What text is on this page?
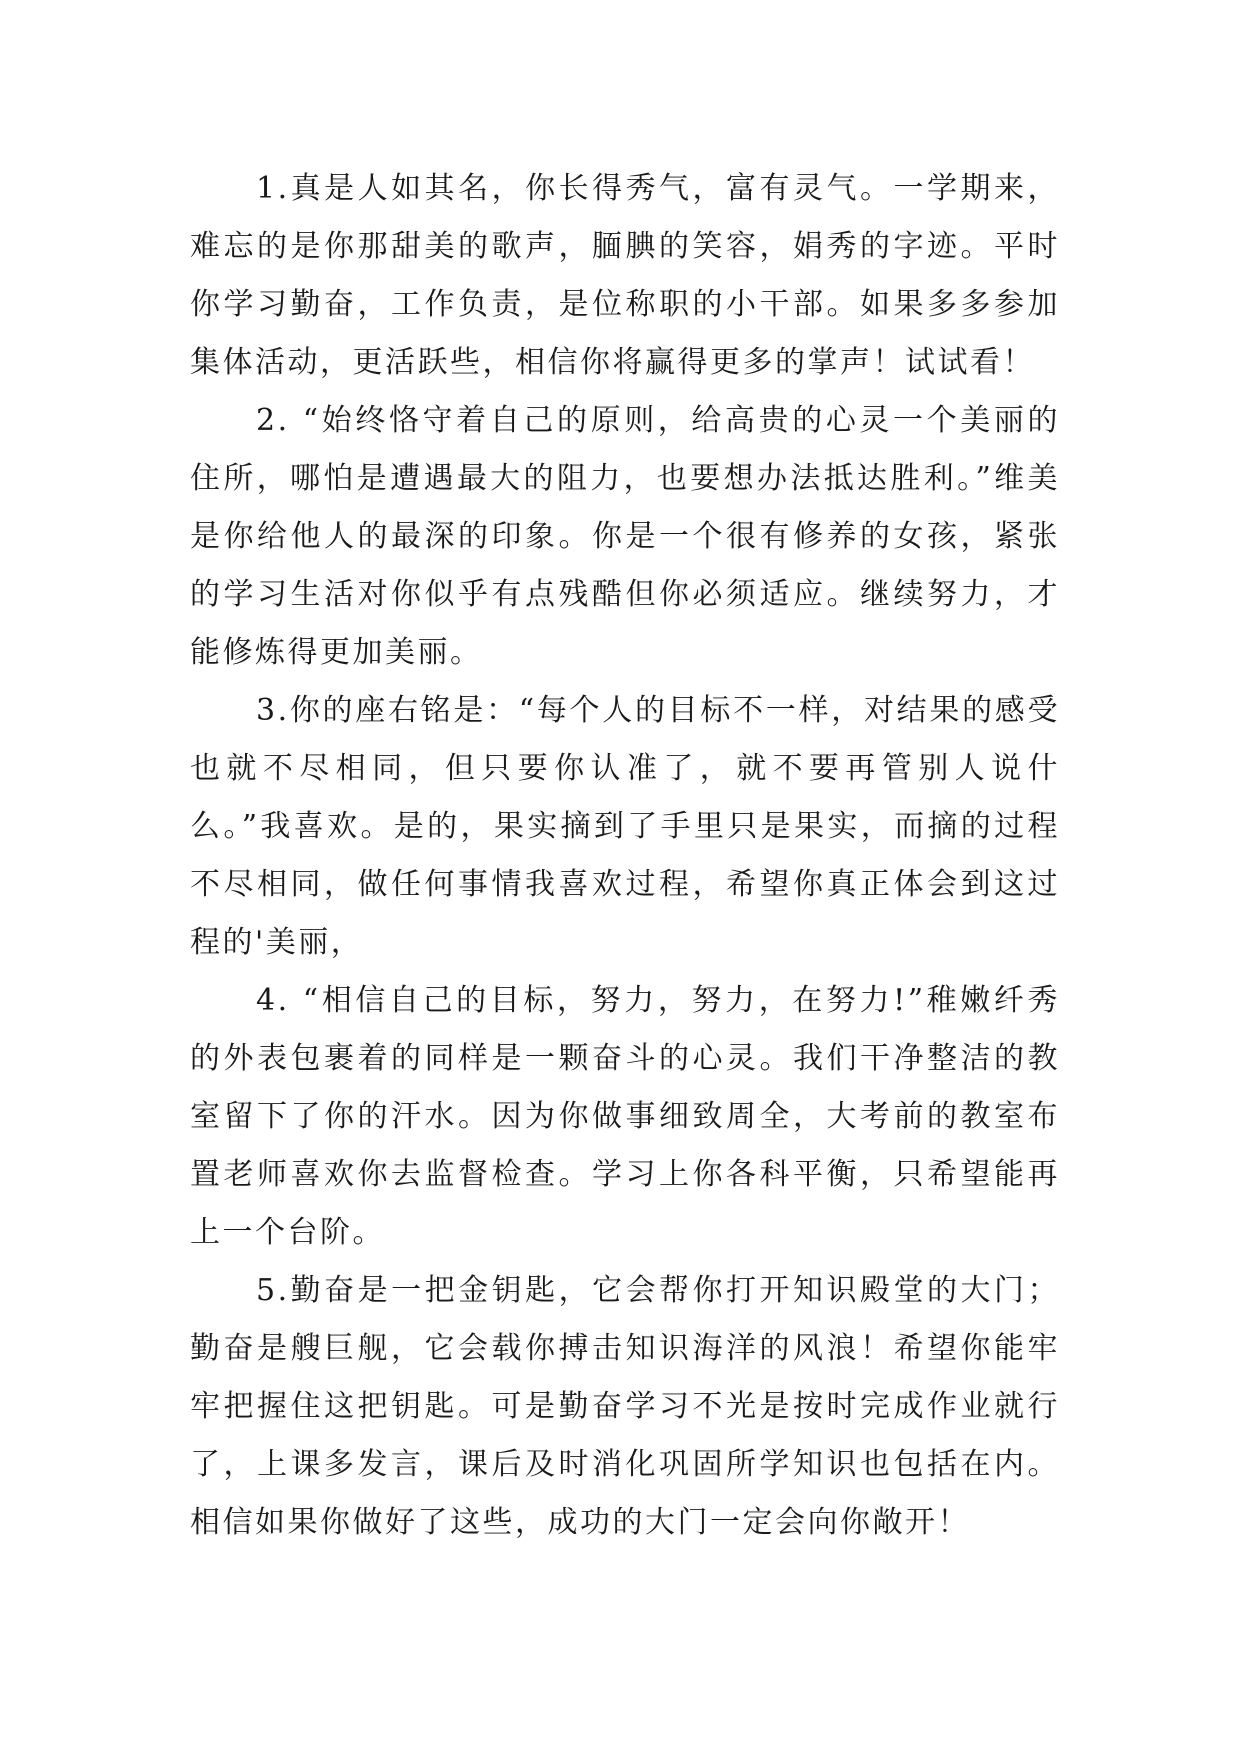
1.真是人如其名，你长得秀气，富有灵气。一学期来，难忘的是你那甜美的歌声，腼腆的笑容，娟秀的字迹。平时你学习勤奋，工作负责，是位称职的小干部。如果多多参加集体活动，更活跃些，相信你将赢得更多的掌声！试试看！

2. “始终恪守着自己的原则，给高贵的心灵一个美丽的住所，哪怕是遭遇最大的阻力，也要想办法抵达胜利。”维美是你给他人的最深的印象。你是一个很有修养的女孩，紧张的学习生活对你似乎有点残酷但你必须适应。继续努力，才能修炼得更加美丽。

3.你的座右铭是：“每个人的目标不一样，对结果的感受也就不尽相同，但只要你认准了，就不要再管别人说什么。”我喜欢。是的，果实摘到了手里只是果实，而摘的过程不尽相同，做任何事情我喜欢过程，希望你真正体会到这过程的'美丽，

4. “相信自己的目标，努力，努力，在努力!”稚嫩纤秀的外表包裹着的同样是一颗奋斗的心灵。我们干净整洁的教室留下了你的汗水。因为你做事细致周全，大考前的教室布置老师喜欢你去监督检查。学习上你各科平衡，只希望能再上一个台阶。

5.勤奋是一把金钥匙，它会帮你打开知识殿堂的大门；勤奋是艘巨舰，它会载你搏击知识海洋的风浪！希望你能牢牢把握住这把钥匙。可是勤奋学习不光是按时完成作业就行了，上课多发言，课后及时消化巩固所学知识也包括在内。相信如果你做好了这些，成功的大门一定会向你敞开！
